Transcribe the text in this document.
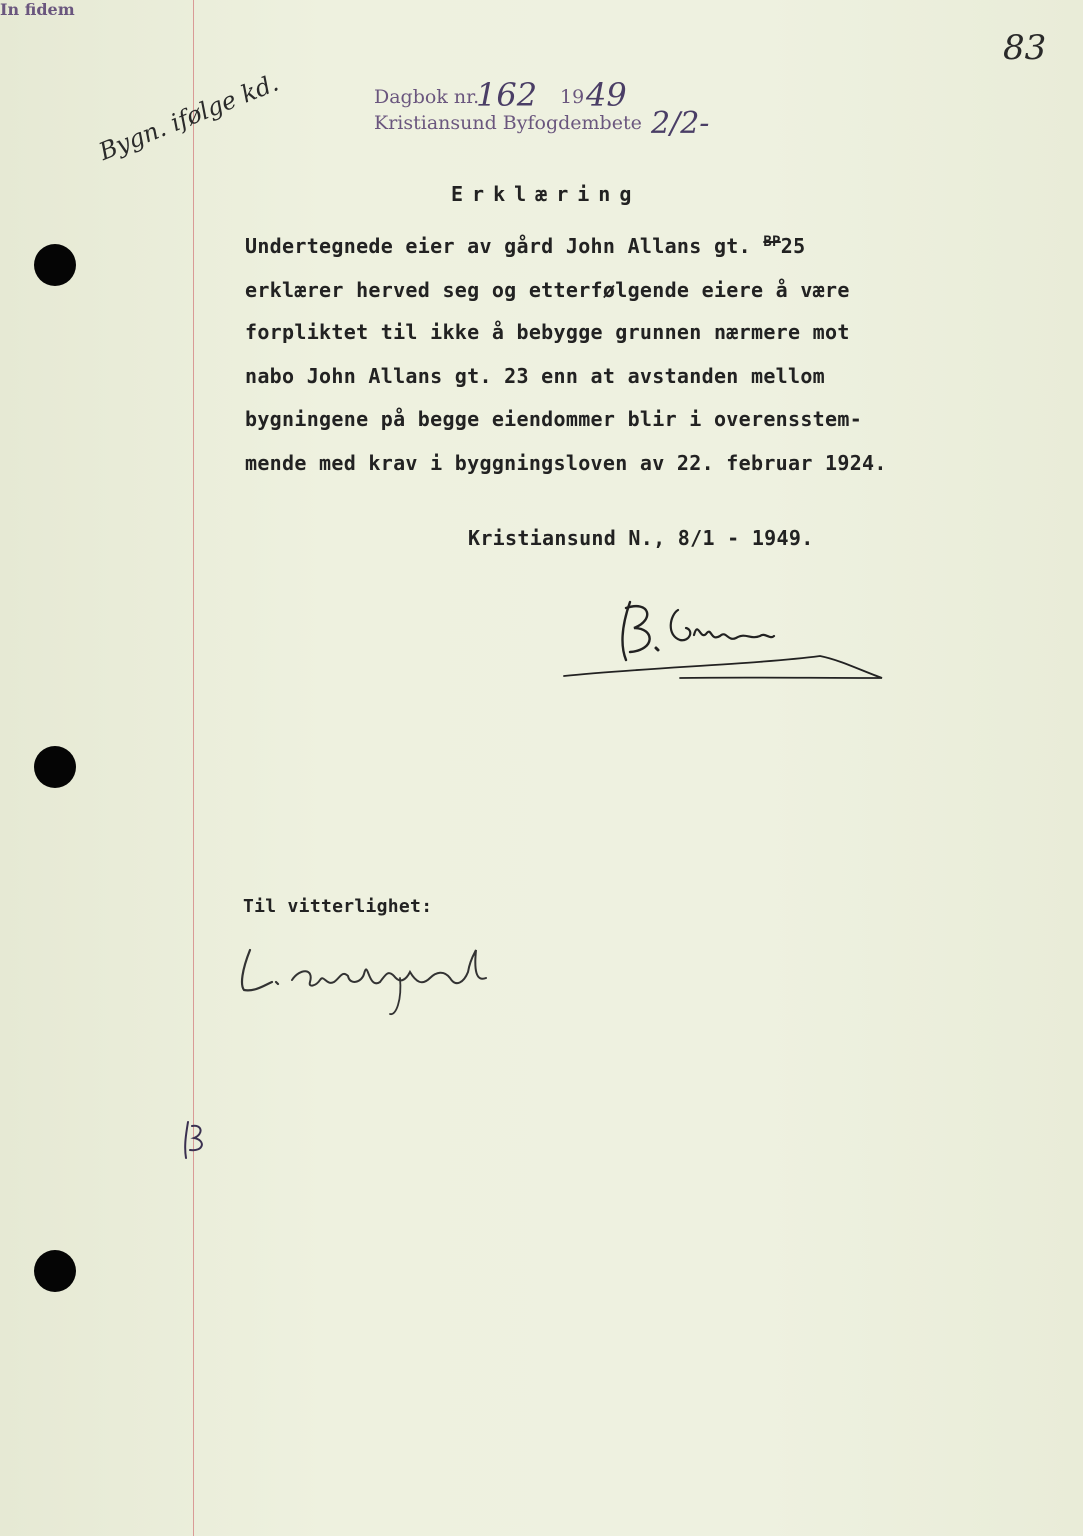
83
Bygn. ifølge kd.	Dagbok nr.
162 19 49
Kristiansund Byfogdembete 2/2-
Erklæring
Undertegnede eier av gård John Allans gt. $^{BP}$25
erklærer herved seg og etterfølgende eiere å være
forpliktet til ikke å bebygge grunnen nærmere mot
nabo John Allans gt. 23 enn at avstanden mellom
bygningene på begge eiendommer blir i overensstem-
mende med krav i byggningsloven av 22. februar 1924.
Kristiansund N., 8/1 - 1949.
Til vitterlighet:
In fidem
